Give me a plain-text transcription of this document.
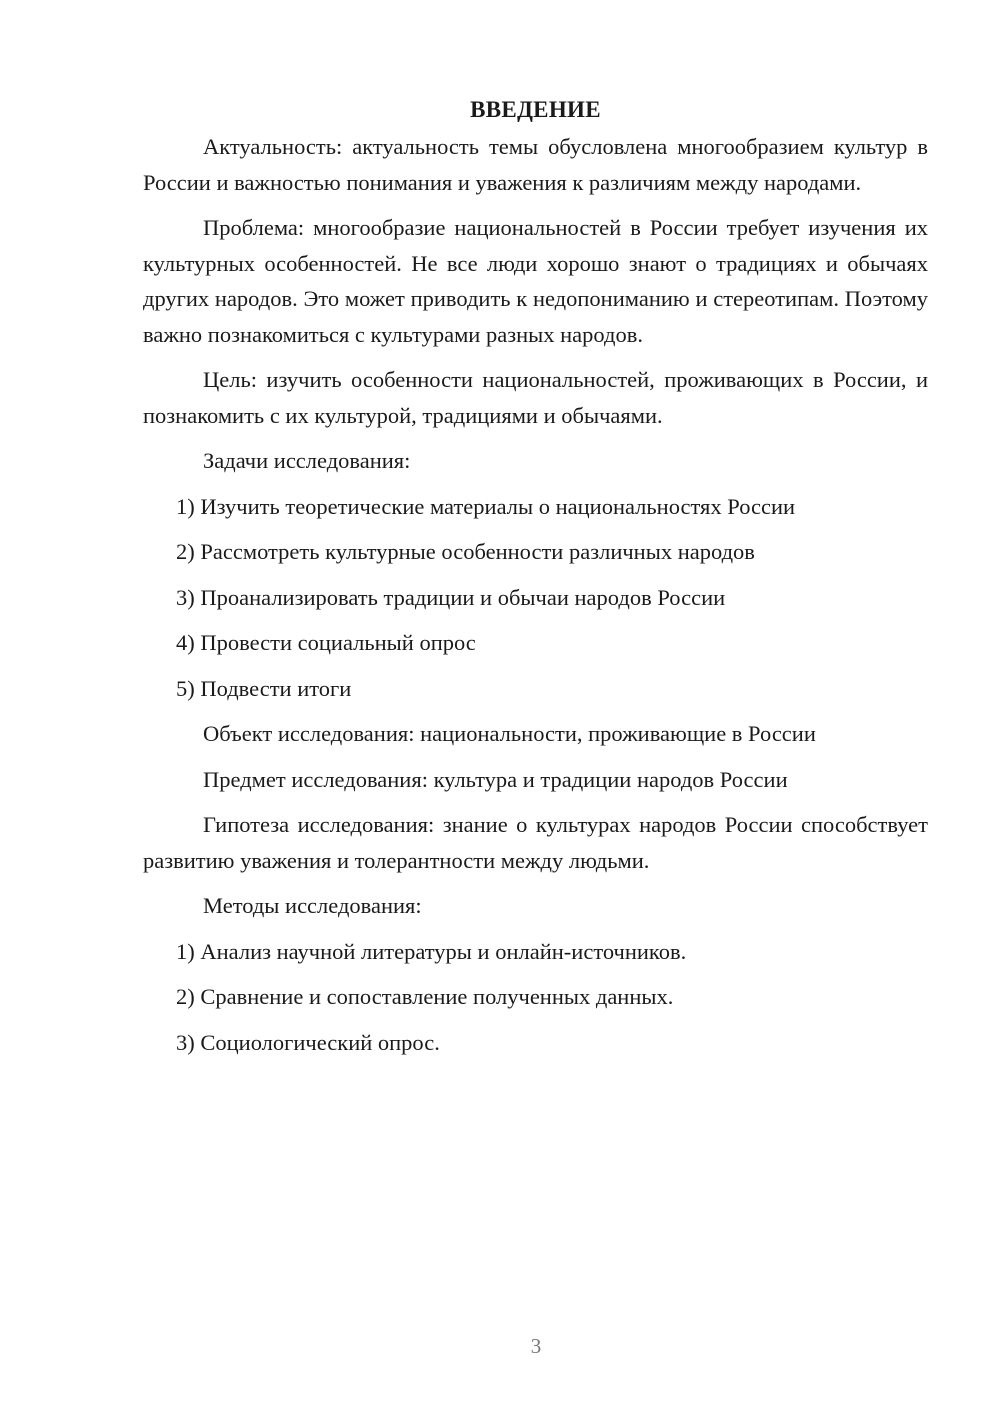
ВВЕДЕНИЕ

Актуальность: актуальность темы обусловлена многообразием культур в России и важностью понимания и уважения к различиям между народами.

Проблема: многообразие национальностей в России требует изучения их культурных особенностей. Не все люди хорошо знают о традициях и обычаях других народов. Это может приводить к недопониманию и стереотипам. Поэтому важно познакомиться с культурами разных народов.

Цель: изучить особенности национальностей, проживающих в России, и познакомить с их культурой, традициями и обычаями.

Задачи исследования:

1) Изучить теоретические материалы о национальностях России

2) Рассмотреть культурные особенности различных народов

3) Проанализировать традиции и обычаи народов России

4) Провести социальный опрос

5) Подвести итоги

Объект исследования: национальности, проживающие в России

Предмет исследования: культура и традиции народов России

Гипотеза исследования: знание о культурах народов России способствует развитию уважения и толерантности между людьми.

Методы исследования:

1) Анализ научной литературы и онлайн-источников.

2) Сравнение и сопоставление полученных данных.

3) Социологический опрос.

3
